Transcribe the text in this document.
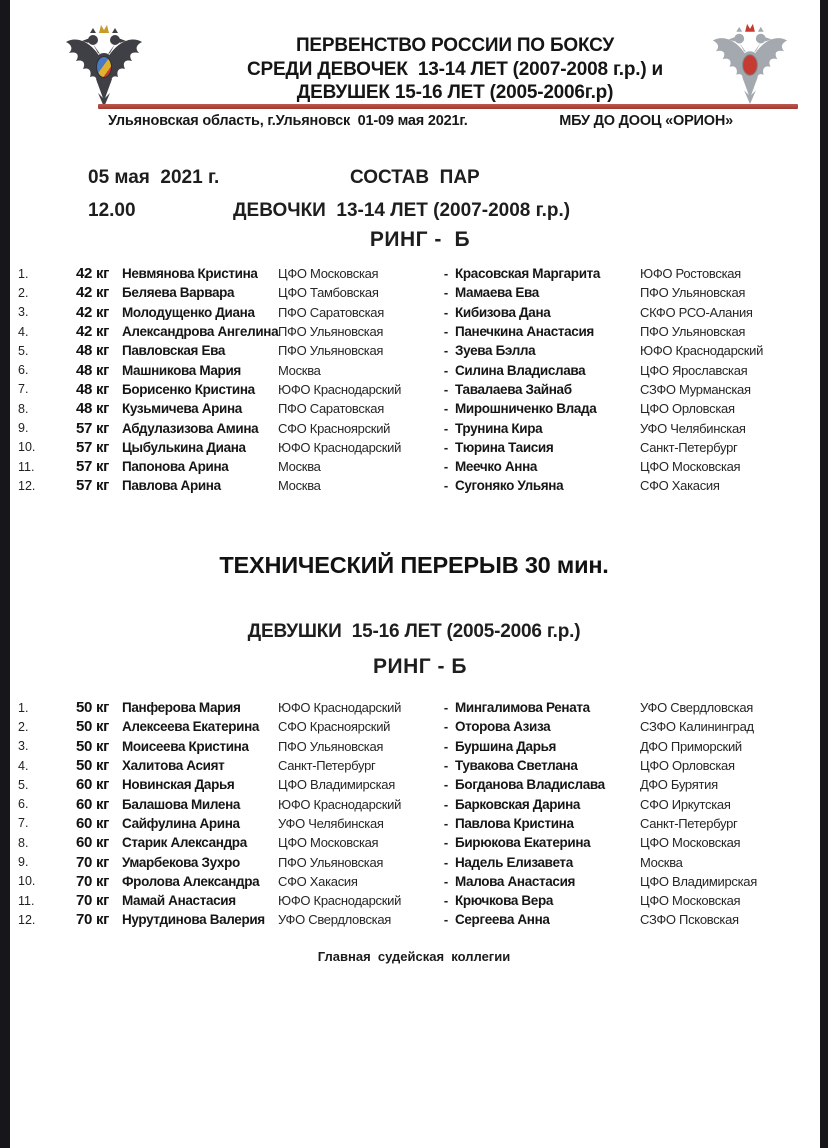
ПЕРВЕНСТВО РОССИИ ПО БОКСУ
СРЕДИ ДЕВОЧЕК  13-14 ЛЕТ (2007-2008 г.р.) и
ДЕВУШЕК 15-16 ЛЕТ (2005-2006г.р)
Ульяновская область, г.Ульяновск  01-09 мая 2021г.	МБУ ДО ДООЦ «ОРИОН»
05 мая  2021 г.	СОСТАВ  ПАР
12.00	ДЕВОЧКИ  13-14 ЛЕТ (2007-2008 г.р.)
РИНГ -  Б
1.	42 кг Невмянова Кристина	ЦФО Московская	- Красовская Маргарита	ЮФО Ростовская
2.	42 кг Беляева Варвара	ЦФО Тамбовская	- Мамаева Ева	ПФО Ульяновская
3.	42 кг Молодущенко Диана	ПФО Саратовская	- Кибизова Дана	СКФО РСО-Алания
4.	42 кг Александрова Ангелина ПФО Ульяновская	- Панечкина Анастасия	ПФО Ульяновская
5.	48 кг Павловская Ева	ПФО Ульяновская	- Зуева Бэлла	ЮФО Краснодарский
6.	48 кг Машникова Мария	Москва	- Силина Владислава	ЦФО Ярославская
7.	48 кг Борисенко Кристина	ЮФО Краснодарский	- Тавалаева Зайнаб	СЗФО Мурманская
8.	48 кг Кузьмичева Арина	ПФО Саратовская	- Мирошниченко Влада	ЦФО Орловская
9.	57 кг Абдулазизова Амина	СФО Красноярский	- Трунина Кира	УФО Челябинская
10.	57 кг Цыбулькина Диана	ЮФО Краснодарский	- Тюрина Таисия	Санкт-Петербург
11.	57 кг Папонова Арина	Москва	- Меечко Анна	ЦФО Московская
12.	57 кг Павлова Арина	Москва	- Сугоняко Ульяна	СФО Хакасия
ТЕХНИЧЕСКИЙ ПЕРЕРЫВ 30 мин.
ДЕВУШКИ  15-16 ЛЕТ (2005-2006 г.р.)
РИНГ - Б
1.	50 кг Панферова Мария	ЮФО Краснодарский	- Мингалимова Рената	УФО Свердловская
2.	50 кг Алексеева Екатерина	СФО Красноярский	- Оторова Азиза	СЗФО Калининград
3.	50 кг Моисеева Кристина	ПФО Ульяновская	- Буршина Дарья	ДФО Приморский
4.	50 кг Халитова Асият	Санкт-Петербург	- Тувакова Светлана	ЦФО Орловская
5.	60 кг Новинская Дарья	ЦФО Владимирская	- Богданова Владислава	ДФО Бурятия
6.	60 кг Балашова Милена	ЮФО Краснодарский	- Барковская Дарина	СФО Иркутская
7.	60 кг Сайфулина Арина	УФО Челябинская	- Павлова Кристина	Санкт-Петербург
8.	60 кг Старик Александра	ЦФО Московская	- Бирюкова Екатерина	ЦФО Московская
9.	70 кг Умарбекова Зухро	ПФО Ульяновская	- Надель Елизавета	Москва
10.	70 кг Фролова Александра	СФО Хакасия	- Малова Анастасия	ЦФО Владимирская
11.	70 кг Мамай Анастасия	ЮФО Краснодарский	- Крючкова Вера	ЦФО Московская
12.	70 кг Нурутдинова Валерия	УФО Свердловская	- Сергеева Анна	СЗФО Псковская
Главная  судейская  коллегии
